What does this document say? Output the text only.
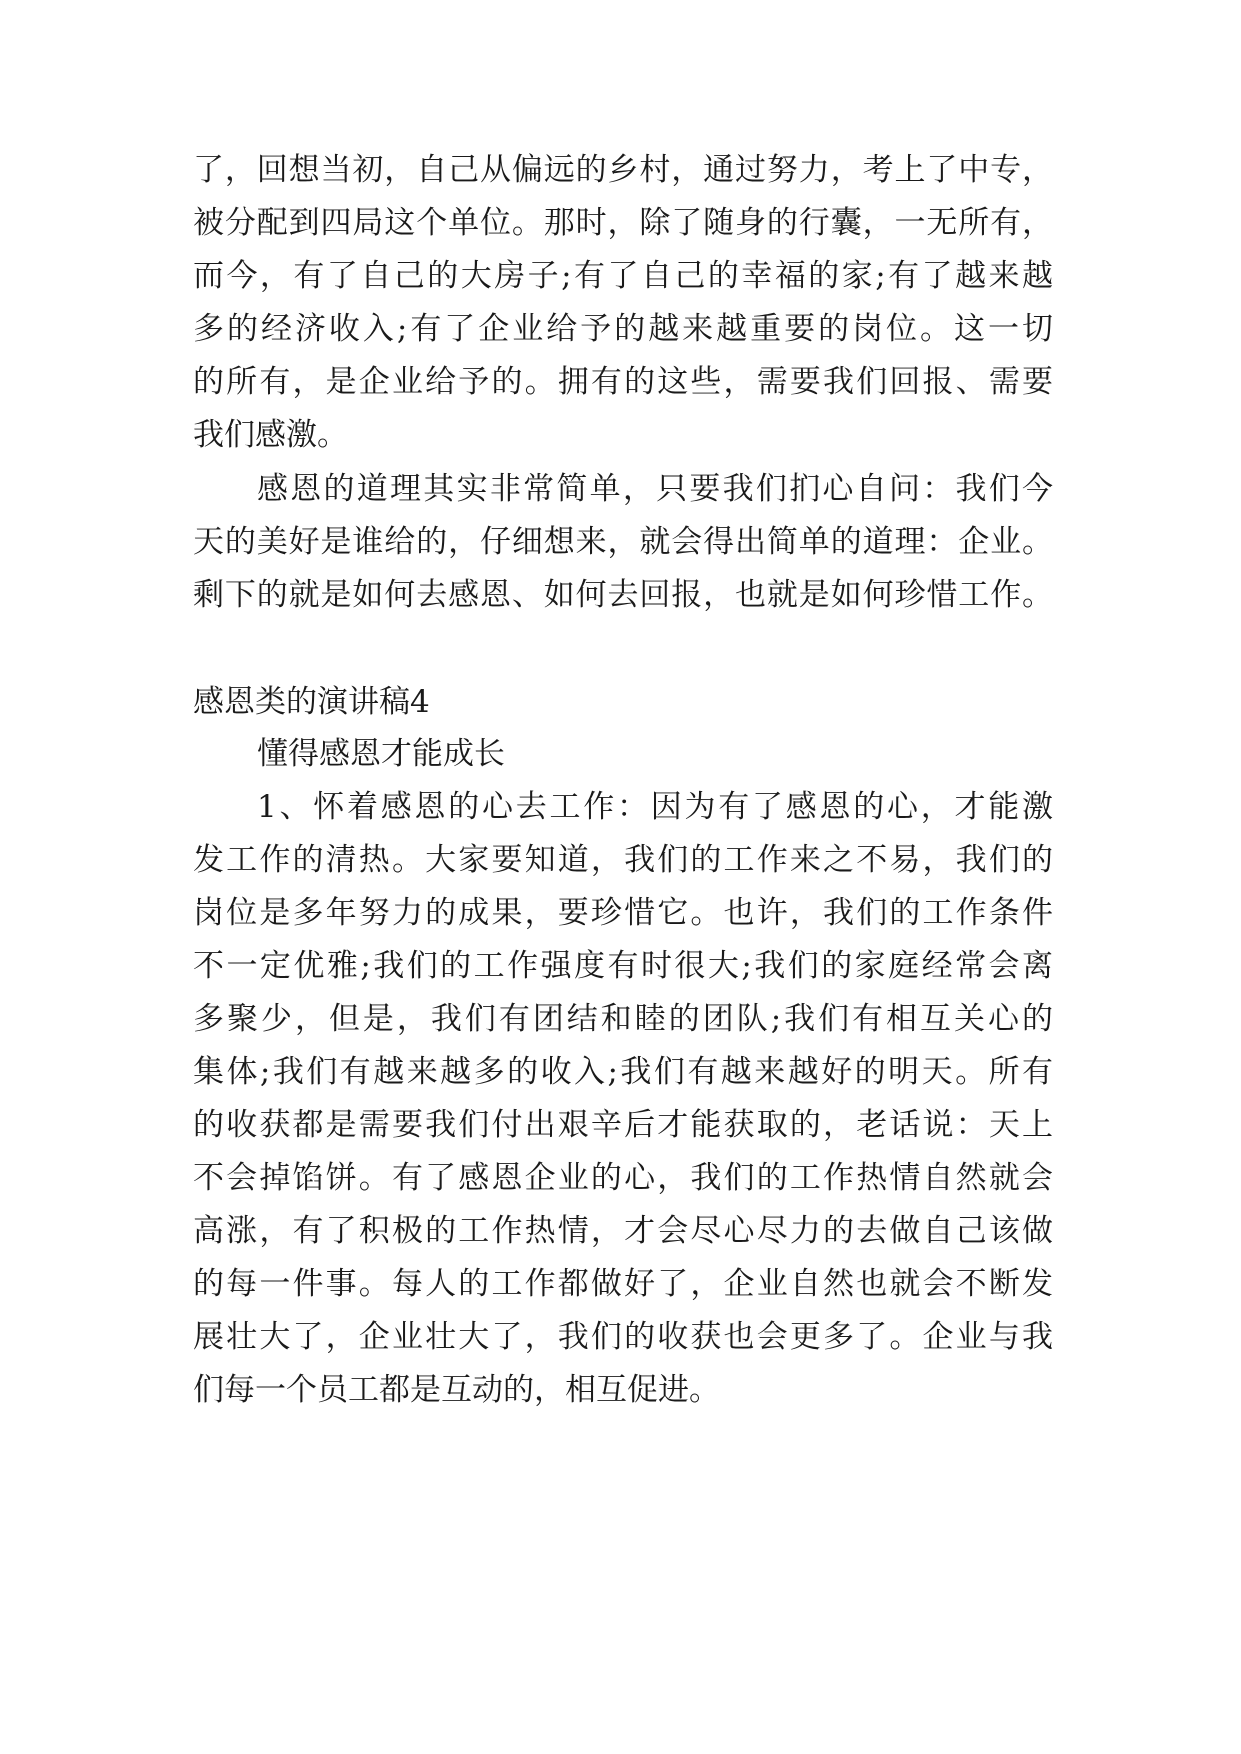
了，回想当初，自己从偏远的乡村，通过努力，考上了中专，
被分配到四局这个单位。那时，除了随身的行囊，一无所有，
而今，有了自己的大房子;有了自己的幸福的家;有了越来越
多的经济收入;有了企业给予的越来越重要的岗位。这一切
的所有，是企业给予的。拥有的这些，需要我们回报、需要
我们感激。
感恩的道理其实非常简单，只要我们扪心自问：我们今
天的美好是谁给的，仔细想来，就会得出简单的道理：企业。
剩下的就是如何去感恩、如何去回报，也就是如何珍惜工作。
感恩类的演讲稿4
懂得感恩才能成长
1、怀着感恩的心去工作：因为有了感恩的心，才能激
发工作的清热。大家要知道，我们的工作来之不易，我们的
岗位是多年努力的成果，要珍惜它。也许，我们的工作条件
不一定优雅;我们的工作强度有时很大;我们的家庭经常会离
多聚少，但是，我们有团结和睦的团队;我们有相互关心的
集体;我们有越来越多的收入;我们有越来越好的明天。所有
的收获都是需要我们付出艰辛后才能获取的，老话说：天上
不会掉馅饼。有了感恩企业的心，我们的工作热情自然就会
高涨，有了积极的工作热情，才会尽心尽力的去做自己该做
的每一件事。每人的工作都做好了，企业自然也就会不断发
展壮大了，企业壮大了，我们的收获也会更多了。企业与我
们每一个员工都是互动的，相互促进。
